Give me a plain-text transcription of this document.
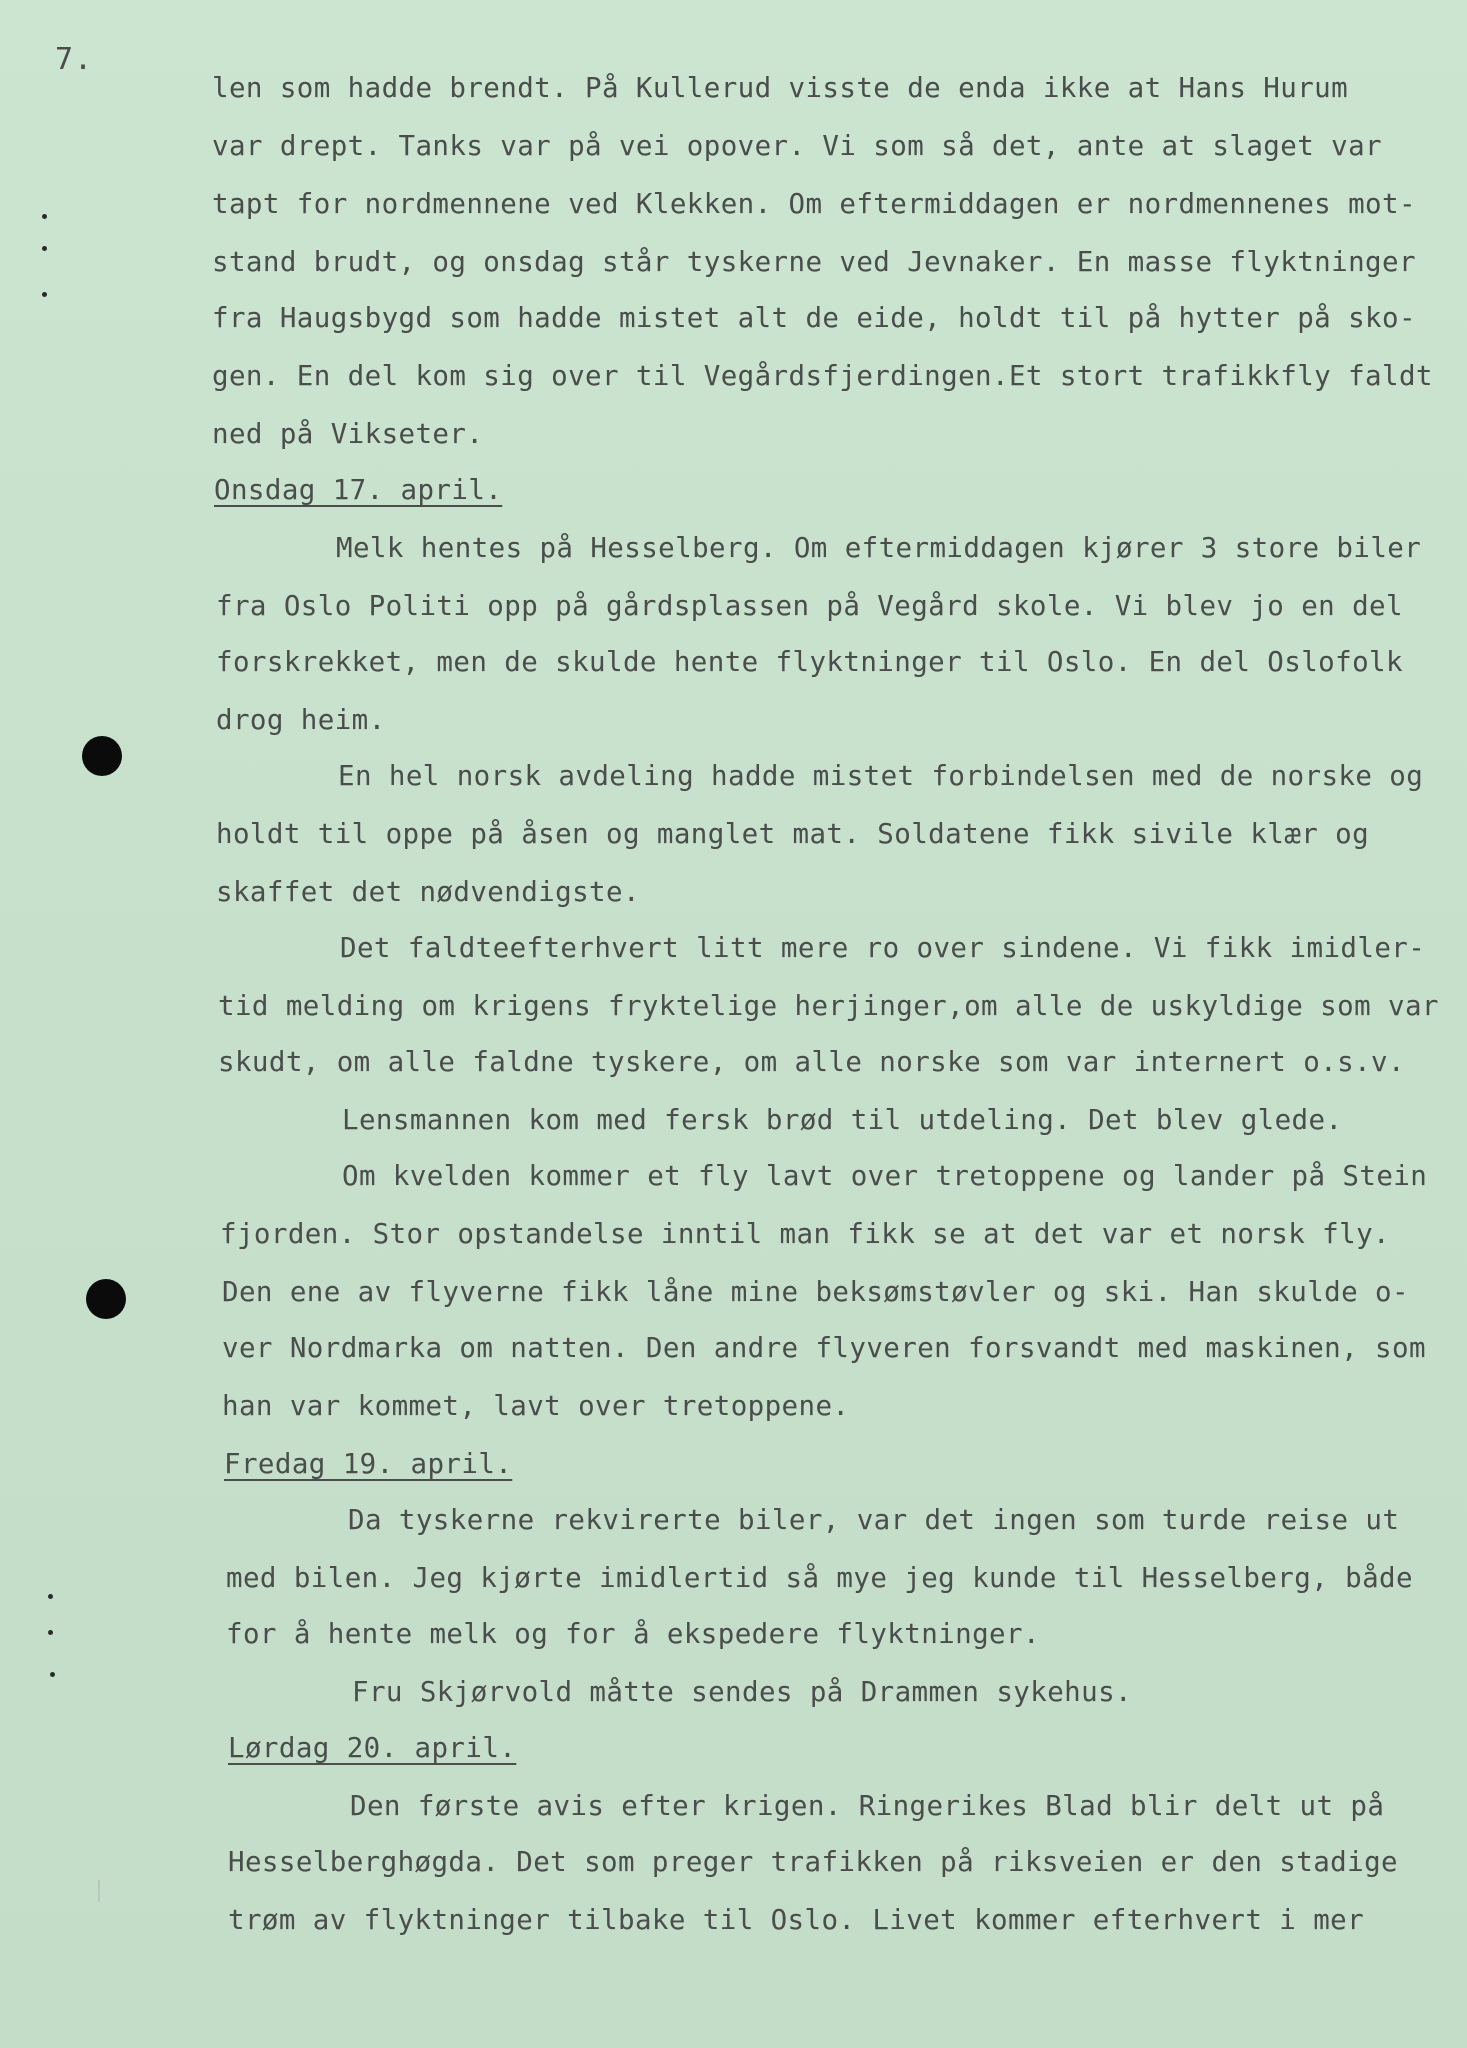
7.
len som hadde brendt. På Kullerud visste de enda ikke at Hans Hurum
var drept. Tanks var på vei opover. Vi som så det, ante at slaget var
tapt for nordmennene ved Klekken. Om eftermiddagen er nordmennenes mot-
stand brudt, og onsdag står tyskerne ved Jevnaker. En masse flyktninger
fra Haugsbygd som hadde mistet alt de eide, holdt til på hytter på sko-
gen. En del kom sig over til Vegårdsfjerdingen.Et stort trafikkfly faldt
ned på Vikseter.
Onsdag 17. april.
Melk hentes på Hesselberg. Om eftermiddagen kjører 3 store biler
fra Oslo Politi opp på gårdsplassen på Vegård skole. Vi blev jo en del
forskrekket, men de skulde hente flyktninger til Oslo. En del Oslofolk
drog heim.
En hel norsk avdeling hadde mistet forbindelsen med de norske og
holdt til oppe på åsen og manglet mat. Soldatene fikk sivile klær og
skaffet det nødvendigste.
Det faldteefterhvert litt mere ro over sindene. Vi fikk imidler-
tid melding om krigens fryktelige herjinger,om alle de uskyldige som var
skudt, om alle faldne tyskere, om alle norske som var internert o.s.v.
Lensmannen kom med fersk brød til utdeling. Det blev glede.
Om kvelden kommer et fly lavt over tretoppene og lander på Stein
fjorden. Stor opstandelse inntil man fikk se at det var et norsk fly.
Den ene av flyverne fikk låne mine beksømstøvler og ski. Han skulde o-
ver Nordmarka om natten. Den andre flyveren forsvandt med maskinen, som
han var kommet, lavt over tretoppene.
Fredag 19. april.
Da tyskerne rekvirerte biler, var det ingen som turde reise ut
med bilen. Jeg kjørte imidlertid så mye jeg kunde til Hesselberg, både
for å hente melk og for å ekspedere flyktninger.
Fru Skjørvold måtte sendes på Drammen sykehus.
Lørdag 20. april.
Den første avis efter krigen. Ringerikes Blad blir delt ut på
Hesselberghøgda. Det som preger trafikken på riksveien er den stadige
trøm av flyktninger tilbake til Oslo. Livet kommer efterhvert i mer
